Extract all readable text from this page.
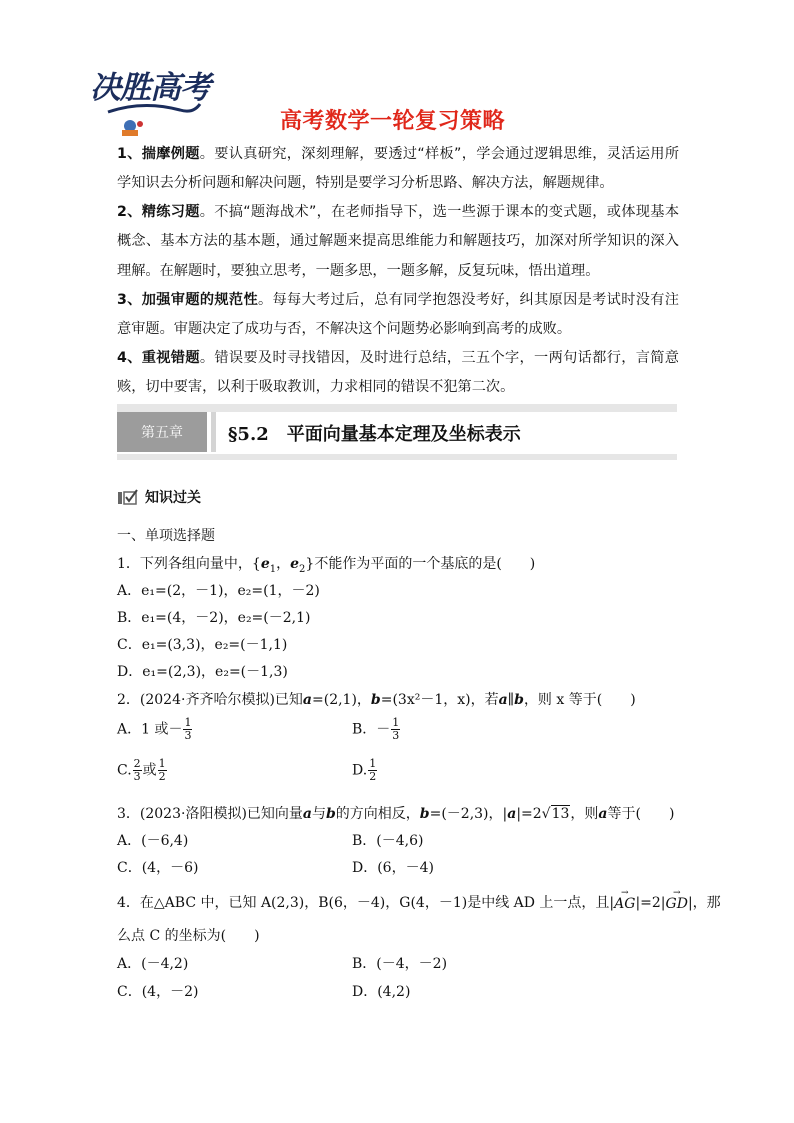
决胜高考
高考数学一轮复习策略
1、揣摩例题。要认真研究，深刻理解，要透过“样板”，学会通过逻辑思维，灵活运用所学知识去分析问题和解决问题，特别是要学习分析思路、解决方法，解题规律。
2、精练习题。不搞“题海战术”，在老师指导下，选一些源于课本的变式题，或体现基本概念、基本方法的基本题，通过解题来提高思维能力和解题技巧，加深对所学知识的深入理解。在解题时，要独立思考，一题多思，一题多解，反复玩味，悟出道理。
3、加强审题的规范性。每每大考过后，总有同学抱怨没考好，纠其原因是考试时没有注意审题。审题决定了成功与否，不解决这个问题势必影响到高考的成败。
4、重视错题。错误要及时寻找错因，及时进行总结，三五个字，一两句话都行，言简意赅，切中要害，以利于吸取教训，力求相同的错误不犯第二次。
第五章	§5.2　平面向量基本定理及坐标表示
知识过关
一、单项选择题
1．下列各组向量中，{$e_1$，$e_2$}不能作为平面的一个基底的是(　　)
A．e₁=(2，－1)，e₂=(1，－2)
B．e₁=(4，－2)，e₂=(－2,1)
C．e₁=(3,3)，e₂=(－1,1)
D．e₁=(2,3)，e₂=(－1,3)
2．(2024·齐齐哈尔模拟)已知a=(2,1)，b=(3x²－1，x)，若a∥b，则 x 等于(　　)
A．1 或－ $\frac{1}{3}$	B．－ $\frac{1}{3}$
C. $\frac{2}{3}$ 或 $\frac{1}{2}$	D. $\frac{1}{2}$
3．(2023·洛阳模拟)已知向量a与b的方向相反，b=(－2,3)，|a|=2√13，则a等于(　　)
A．(－6,4)	B．(－4,6)
C．(4，－6)	D．(6，－4)
4．在△ABC 中，已知 A(2,3)，B(6，－4)，G(4，－1)是中线 AD 上一点，且|
→
AG |=2|
→
GD |，那
么点 C 的坐标为(　　)
A．(－4,2)	B．(－4，－2)
C．(4，－2)	D．(4,2)
